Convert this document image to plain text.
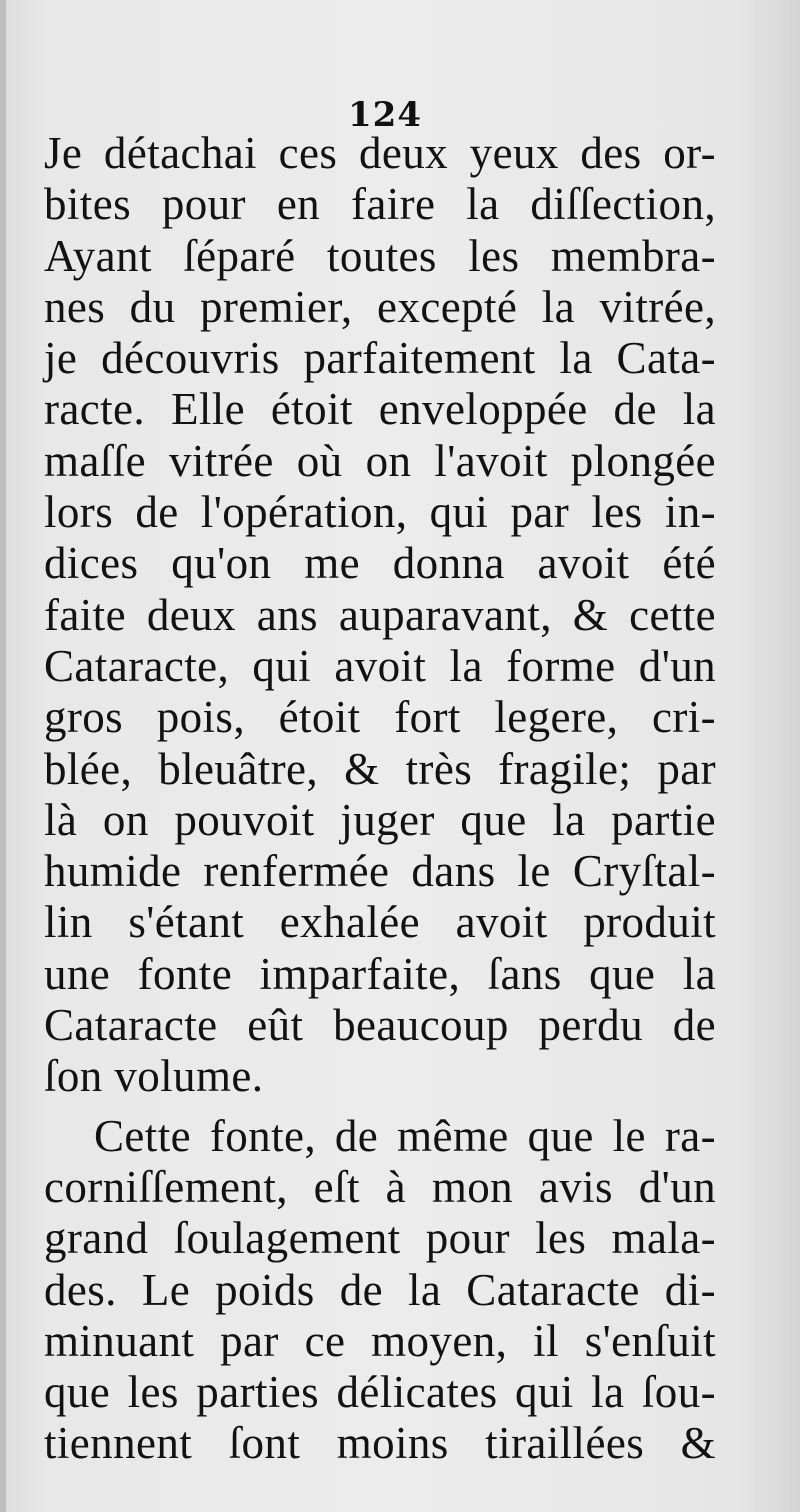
124
Je détachai ces deux yeux des or-
bites pour en faire la diſſection,
Ayant ſéparé toutes les membra-
nes du premier, excepté la vitrée,
je découvris parfaitement la Cata-
racte. Elle étoit enveloppée de la
maſſe vitrée où on l'avoit plongée
lors de l'opération, qui par les in-
dices qu'on me donna avoit été
faite deux ans auparavant, & cette
Cataracte, qui avoit la forme d'un
gros pois, étoit fort legere, cri-
blée, bleuâtre, & très fragile; par
là on pouvoit juger que la partie
humide renfermée dans le Cryſtal-
lin s'étant exhalée avoit produit
une fonte imparfaite, ſans que la
Cataracte eût beaucoup perdu de
ſon volume.
Cette fonte, de même que le ra-
corniſſement, eſt à mon avis d'un
grand ſoulagement pour les mala-
des. Le poids de la Cataracte di-
minuant par ce moyen, il s'enſuit
que les parties délicates qui la ſou-
tiennent ſont moins tiraillées &
